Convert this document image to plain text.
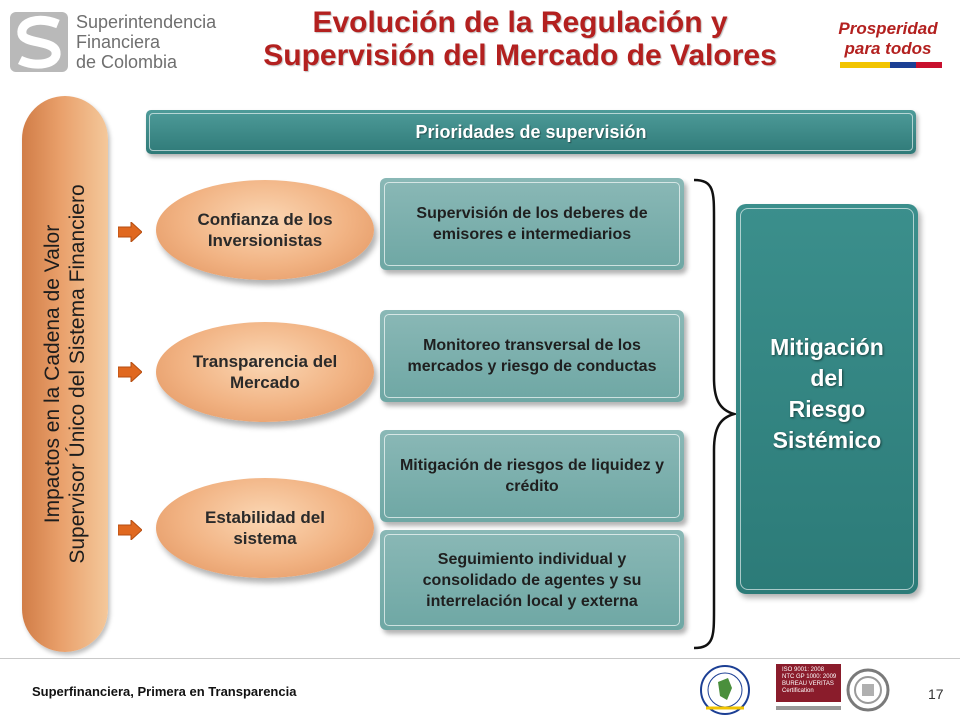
Superintendencia
Financiera
de Colombia
Evolución de la Regulación y
Supervisión del Mercado de Valores
Prosperidad
para todos
Impactos en la Cadena de Valor Supervisor Único del Sistema Financiero	Confianza de los Inversionistas
Transparencia del Mercado
Estabilidad del sistema
Prioridades de supervisión
Supervisión de los deberes de emisores e intermediarios
Monitoreo transversal de los mercados y riesgo de conductas
Mitigación de riesgos de liquidez y crédito
Seguimiento individual y consolidado de agentes y su interrelación local y externa
Mitigación
del
Riesgo
Sistémico
Superfinanciera, Primera en Transparencia
ISO 9001: 2008
NTC GP 1000: 2009
BUREAU VERITAS
Certification	17
